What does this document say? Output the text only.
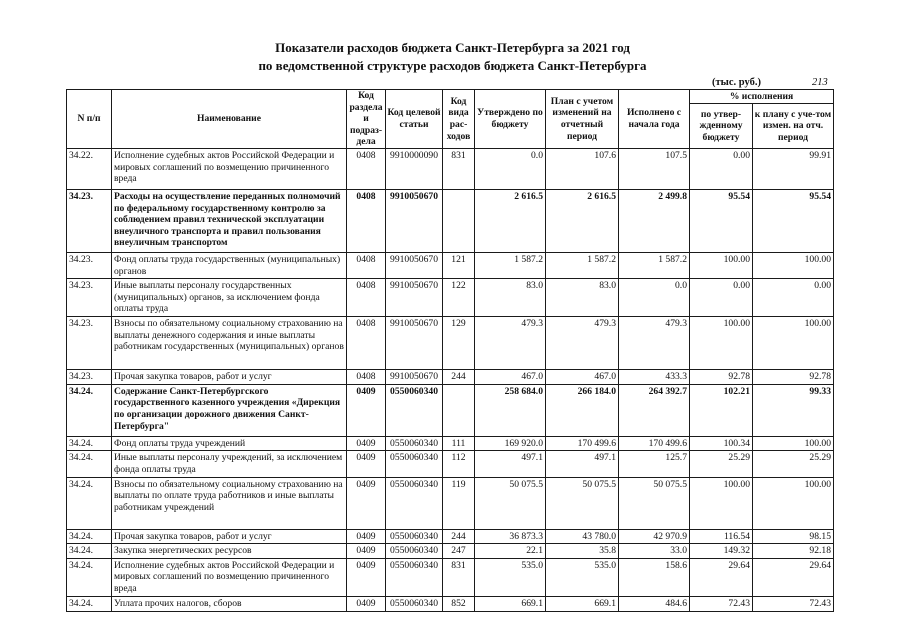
Показатели расходов бюджета Санкт-Петербурга за 2021 год
по ведомственной структуре расходов бюджета Санкт-Петербурга
(тыс. руб.)	213
N п/п	Наименование	Код раздела и подраз-дела	Код целевой статьи	Код вида рас-ходов	Утверждено по бюджету	План с учетом изменений на отчетный период	Исполнено с начала года	% исполнения	
								по утвер-жденному бюджету	к плану с уче-том измен. на отч. период
34.22.	Исполнение судебных актов Российской Федерации и мировых соглашений по возмещению причиненного вреда	0408	9910000090	831	0.0	107.6	107.5	0.00	99.91
34.23.	Расходы на осуществление переданных полномочий по федеральному государственному контролю за соблюдением правил технической эксплуатации внеуличного транспорта и правил пользования внеуличным транспортом	0408	9910050670		2 616.5	2 616.5	2 499.8	95.54	95.54
34.23.	Фонд оплаты труда государственных (муниципальных) органов	0408	9910050670	121	1 587.2	1 587.2	1 587.2	100.00	100.00
34.23.	Иные выплаты персоналу государственных (муниципальных) органов, за исключением фонда оплаты труда	0408	9910050670	122	83.0	83.0	0.0	0.00	0.00
34.23.	Взносы по обязательному социальному страхованию на выплаты денежного содержания и иные выплаты работникам государственных (муниципальных) органов	0408	9910050670	129	479.3	479.3	479.3	100.00	100.00
34.23.	Прочая закупка товаров, работ и услуг	0408	9910050670	244	467.0	467.0	433.3	92.78	92.78
34.24.	Содержание Санкт-Петербургского государственного казенного учреждения «Дирекция по организации дорожного движения Санкт-Петербурга"	0409	0550060340		258 684.0	266 184.0	264 392.7	102.21	99.33
34.24.	Фонд оплаты труда учреждений	0409	0550060340	111	169 920.0	170 499.6	170 499.6	100.34	100.00
34.24.	Иные выплаты персоналу учреждений, за исключением фонда оплаты труда	0409	0550060340	112	497.1	497.1	125.7	25.29	25.29
34.24.	Взносы по обязательному социальному страхованию на выплаты по оплате труда работников и иные выплаты работникам учреждений	0409	0550060340	119	50 075.5	50 075.5	50 075.5	100.00	100.00
34.24.	Прочая закупка товаров, работ и услуг	0409	0550060340	244	36 873.3	43 780.0	42 970.9	116.54	98.15
34.24.	Закупка энергетических ресурсов	0409	0550060340	247	22.1	35.8	33.0	149.32	92.18
34.24.	Исполнение судебных актов Российской Федерации и мировых соглашений по возмещению причиненного вреда	0409	0550060340	831	535.0	535.0	158.6	29.64	29.64
34.24.	Уплата прочих налогов, сборов	0409	0550060340	852	669.1	669.1	484.6	72.43	72.43
